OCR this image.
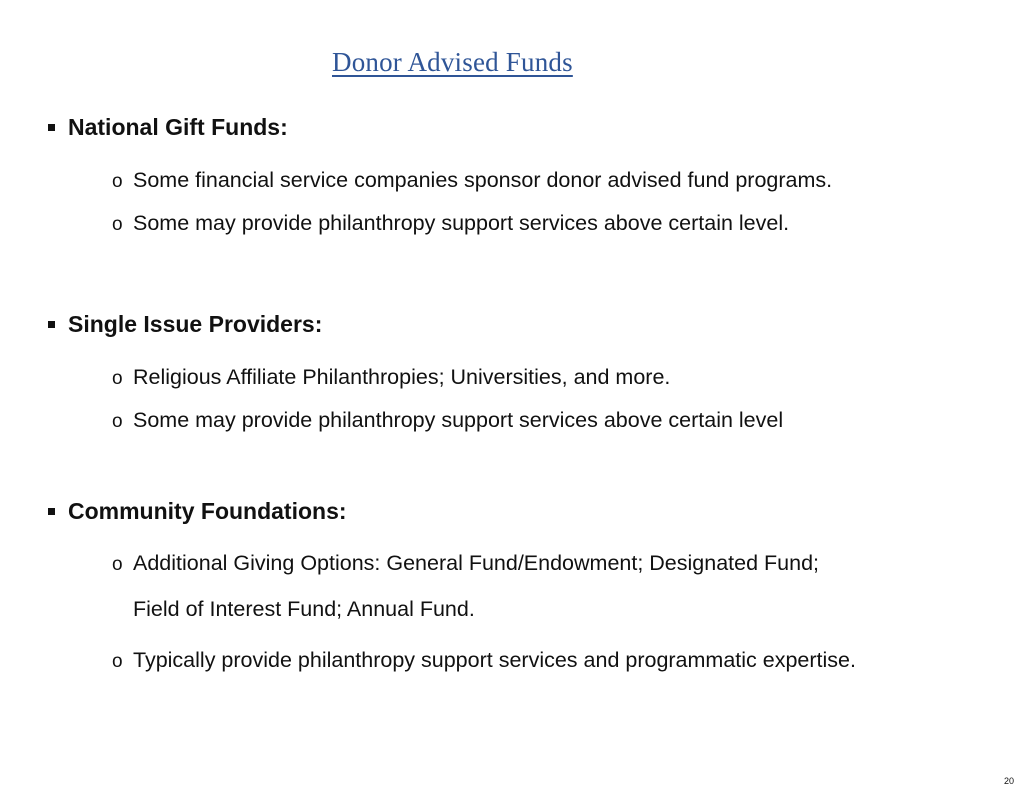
Donor Advised Funds
National Gift Funds:
o Some financial service companies sponsor donor advised fund programs.
o Some may provide philanthropy support services above certain level.
Single Issue Providers:
o Religious Affiliate Philanthropies; Universities, and more.
o Some may provide philanthropy support services above certain level
Community Foundations:
o Additional Giving Options: General Fund/Endowment; Designated Fund;
Field of Interest Fund; Annual Fund.
o Typically provide philanthropy support services and programmatic expertise.
20
